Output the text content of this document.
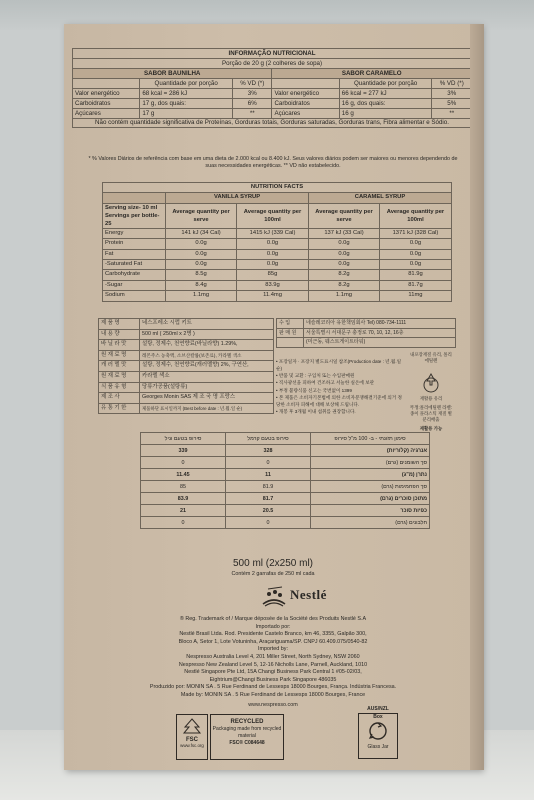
INFORMAÇÃO NUTRICIONAL					
Porção de 20 g (2 colheres de sopa)					
SABOR BAUNILHA			SABOR CARAMELO		
	Quantidade por porção	% VD (*)		Quantidade por porção	% VD (*)
Valor energético	68 kcal = 286 kJ	3%	Valor energético	66 kcal = 277 kJ	3%
Carboidratos	17 g, dos quais:	6%	Carboidratos	16 g, dos quais:	5%
Açúcares	17 g	**	Açúcares	16 g	**
Não contém quantidade significativa de Proteínas, Gorduras totais, Gorduras saturadas, Gorduras trans, Fibra alimentar e Sódio.					
* % Valores Diários de referência com base em uma dieta de 2.000 kcal ou 8.400 kJ. Seus valores diários podem ser maiores ou menores dependendo de suas necessidades energéticas. ** VD não estabelecido.
NUTRITION FACTS				
	VANILLA SYRUP		CARAMEL SYRUP	
Serving size- 10 ml
Servings per bottle- 25	Average quantity per serve	Average quantity per 100ml	Average quantity per serve	Average quantity per 100ml
Energy	141 kJ (34 Cal)	1415 kJ (339 Cal)	137 kJ (33 Cal)	1371 kJ (328 Cal)
Protein	0.0g	0.0g	0.0g	0.0g
Fat	0.0g	0.0g	0.0g	0.0g
-Saturated Fat	0.0g	0.0g	0.0g	0.0g
Carbohydrate	8.5g	85g	8.2g	81.9g
-Sugar	8.4g	83.9g	8.2g	81.7g
Sodium	1.1mg	11.4mg	1.1mg	11mg
제 품 명	네스프레소 시럽 키트
내 용 량	500 ml ( 250ml x 2병 )
바 닐 라 맛	설탕, 정제수, 천연향료(바닐라향) 1.29%,
원 재 료 명	레몬주스 농축액, 소브산칼륨(보존료), 카라멜 색소
캐 러 멜 맛	설탕, 정제수, 천연향료(캐러멜향) 2%, 구연산,
원 재 료 명	카라멜 색소
식 품 유 형	당류가공품(설탕류)
제 조 사	Georges Monin SAS 제 조 국 명 프랑스
유 통 기 한	제품하단 표시일까지 (Best before date : 년.월.일 순)
수 입	네슬레코리아 유한책임회사 Tel) 080-734-1111
판 매 원	서울특별시 서대문구 충정로 70, 10, 12, 16층
	(미근동, 웨스트게이트타워)
• 포장일자 · 포장지 별도표시일 참조(Production date : 년.월.일 순)
• 반품 및 교환 : 구입처 또는 수입판매원
• 직사광선을 피하여 건조하고 서늘한 실온에 보관
• 부정 불량식품 신고는 국번없이 1399
• 본 제품은 소비자기본법에 의한 소비자분쟁해결기준에 의거 정당한 소비자 피해에 대해 보상해 드립니다.
• 개봉 후 3개월 이내 섭취를 권장합니다.
내포장재질 유리, 폴리에틸렌
재활용 유리
뚜껑:폴리에틸렌 라벨:종이 플라스틱 재질 별 분리배출
재활용 가능
סירופ בטעם וניל	סירופ בטעם קרמל	סימון תזונתי - ב- 100 מ"ל סירופ
339	328	אנרגיה (קלוריות)
0	0	סך השומנים (גרם)
11.45	11	נתרן (מ"ג)
85	81.9	סך הפחמימות (גרם)
83.9	81.7	מתוכן סוכרים (גרם)
21	20.5	כפיות סוכר
0	0	חלבונים (גרם)
500 ml (2x250 ml)
Contém 2 garrafas de 250 ml cada
Nestlé
® Reg. Trademark of / Marque déposée de la Société des Produits Nestlé S.A
Importado por:
Nestlé Brasil Ltda. Rod. Presidente Castelo Branco, km 46, 3355, Galpão 300,
Bloco A, Setor 1, Lote Votuninha, Araçariguama/SP. CNPJ 60.409.075/0540-82
Imported by:
Nespresso Australia Level 4, 201 Miller Street, North Sydney, NSW 2060
Nespresso New Zealand Level 5, 12-16 Nicholls Lane, Parnell, Auckland, 1010
Nestlé Singapore Pte Ltd, 15A Changi Business Park Central 1 #05-02/03,
Eightrium@Changi Business Park Singapore 486035
Produzido por: MONIN SA . 5 Rue Ferdinand de Lessesps 18000 Bourges, França. Indústria Francesa.
Made by: MONIN SA . 5 Rue Ferdinand de Lessesps 18000 Bourges, France
www.nespresso.com
FSC
www.fsc.org
RECYCLED
Packaging made from recycled material
FSC® C084648
AUS/NZL
Box
Glass Jar
